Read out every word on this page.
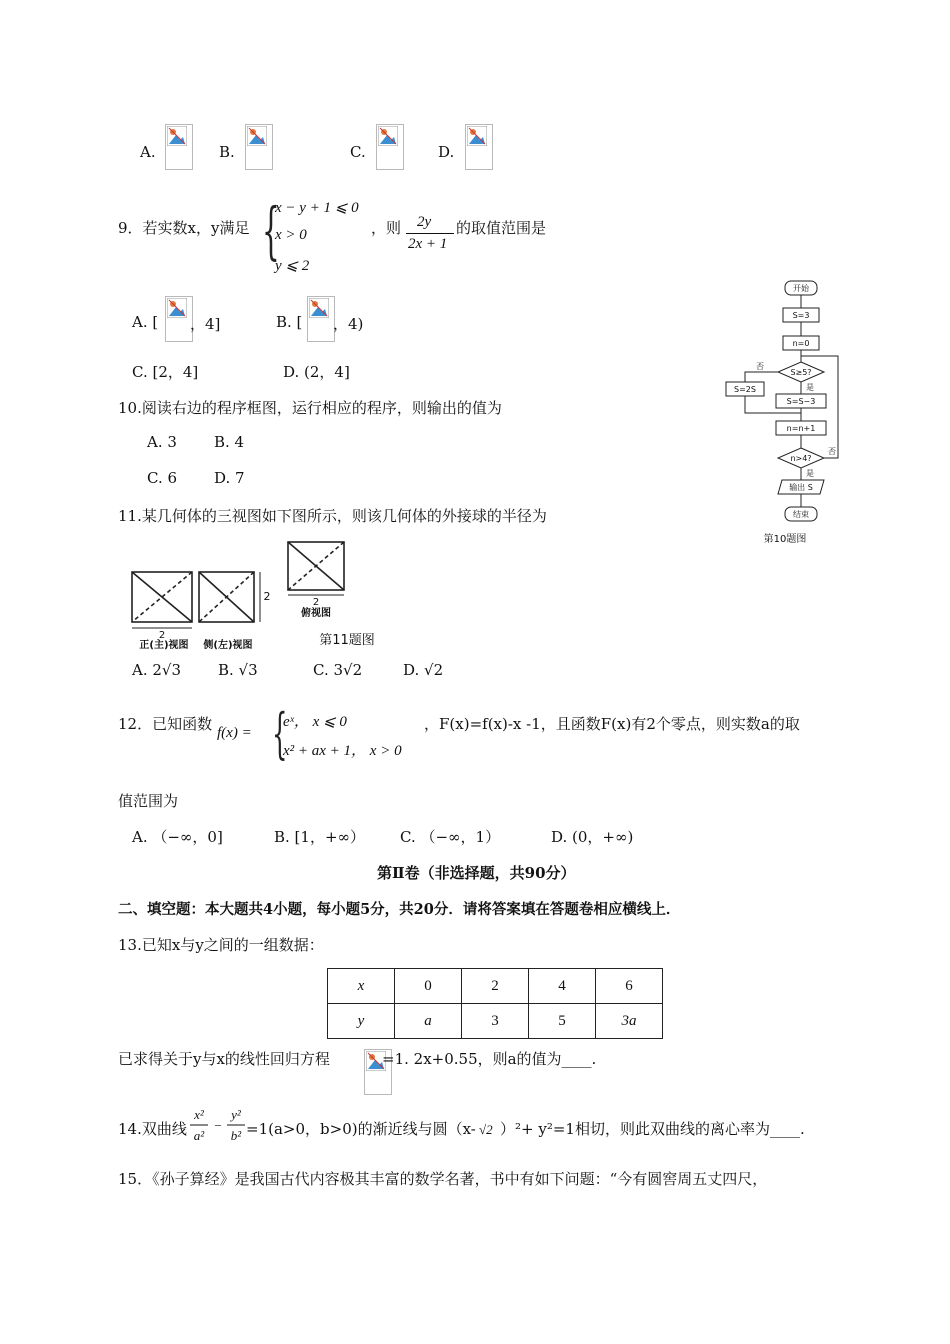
A.	B.	C.	D.
9．若实数x，y满足 {
x − y + 1 ⩽ 0
x > 0
y ⩽ 2
，则 2y
2x + 1
的取值范围是
A. [ ，4]	B. [ ，4)
C. [2，4]	D. (2，4]
10.阅读右边的程序框图，运行相应的程序，则输出的值为
A. 3 B. 4
C. 6 D. 7
开始
S=3
n=0
S≥5?
否
是
S=2S
S=S−3
n=n+1
n>4?
否
是
输出 S
结束
第10题图
11.某几何体的三视图如下图所示，则该几何体的外接球的半径为
2
2	2
俯视图
正(主)视图 侧(左)视图	第11题图
A. 2√3 B. √3	C. 3√2	D. √2
12．已知函数 f(x) = {
eˣ， x ⩽ 0
x² + ax + 1， x > 0
，F(x)=f(x)-x -1，且函数F(x)有2个零点，则实数a的取
值范围为
A. （−∞，0]	B. [1，+∞） C. （−∞，1）	D. (0，+∞)
第Ⅱ卷（非选择题，共90分）
二、填空题：本大题共4小题，每小题5分，共20分．请将答案填在答题卷相应横线上．
13.已知x与y之间的一组数据：
x	0	2	4	6
y	a	3	5	3a
已求得关于y与x的线性回归方程	=1. 2x+0.55，则a的值为____.
14.双曲线
x²
a²
−
y²
b² =1(a>0，b>0)的渐近线与圆（x- √2 ）²+ y²=1相切，则此双曲线的离心率为____.
15．《孙子算经》是我国古代内容极其丰富的数学名著，书中有如下问题：“今有圆窖周五丈四尺，
